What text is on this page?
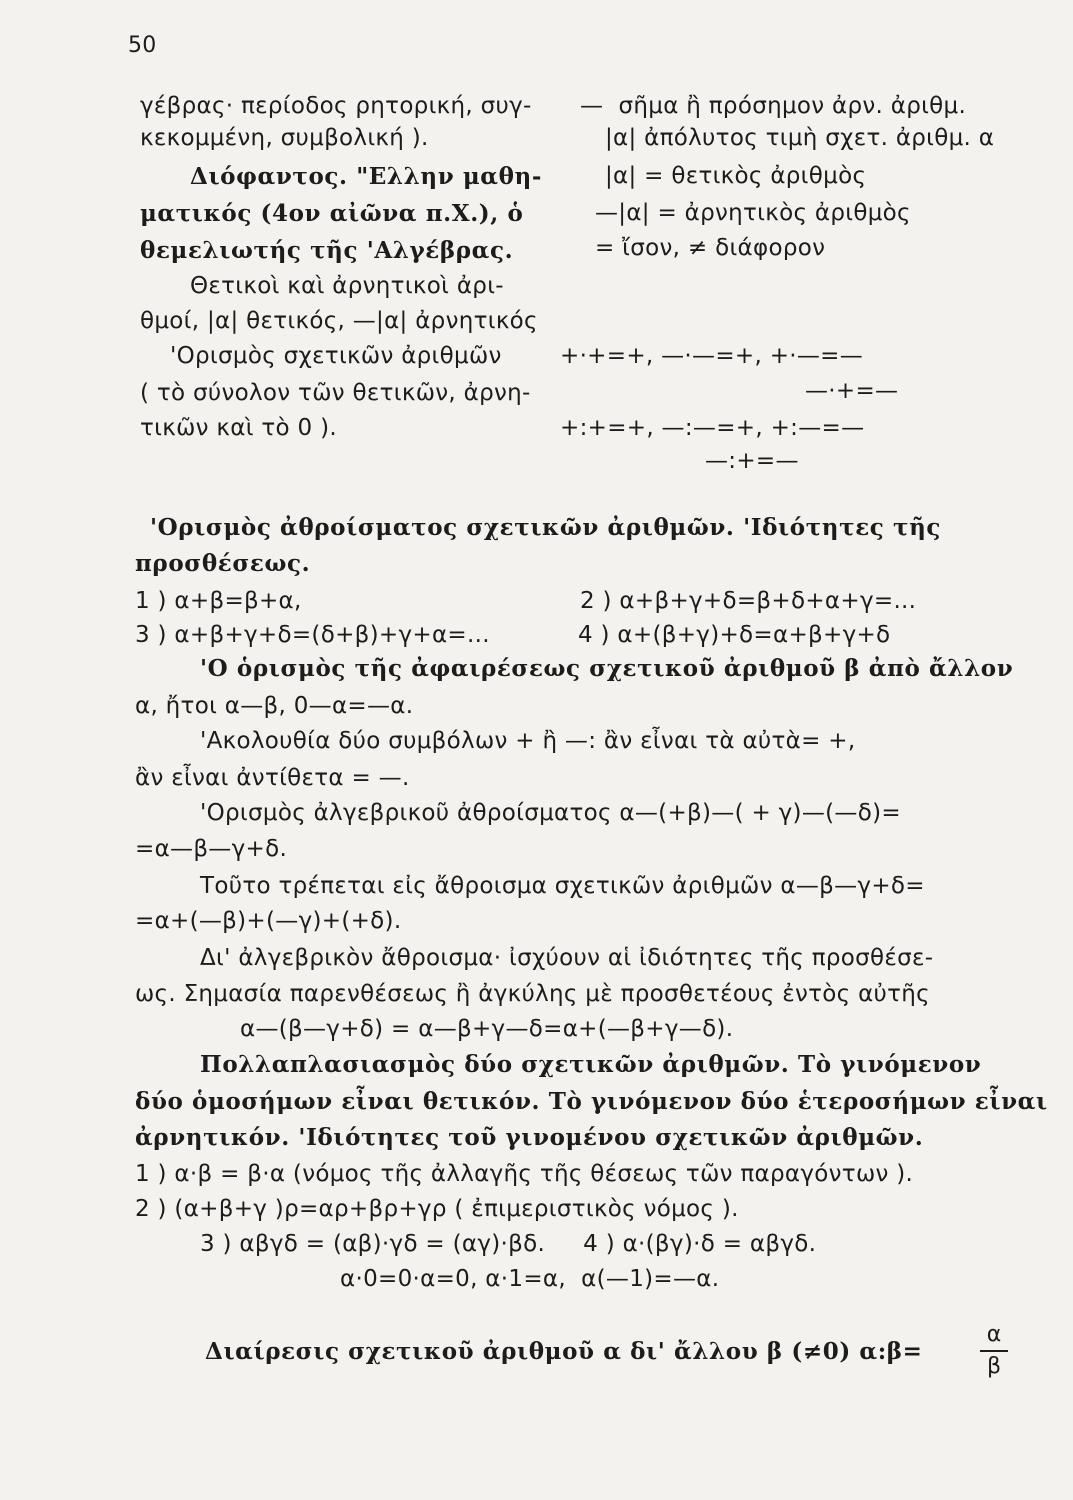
50
γέβρας· περίοδος ρητορική, συγ-
κεκομμένη, συμβολική ).
Διόφαντος. "Ελλην μαθη-
ματικός (4ον αἰῶνα π.Χ.), ὁ
θεμελιωτής τῆς 'Αλγέβρας.
Θετικοὶ καὶ ἀρνητικοὶ ἀρι-
θμοί, |α| θετικός, —|α| ἀρνητικός
'Ορισμὸς σχετικῶν ἀριθμῶν
( τὸ σύνολον τῶν θετικῶν, ἀρνη-
τικῶν καὶ τὸ 0 ).
—  σῆμα ἢ πρόσημον ἀρν. ἀριθμ.
|α| ἀπόλυτος τιμὴ σχετ. ἀριθμ. α
|α| = θετικὸς ἀριθμὸς
—|α| = ἀρνητικὸς ἀριθμὸς
= ἴσον, ≠ διάφορον
+·+=+, —·—=+, +·—=—
—·+=—
+:+=+, —:—=+, +:—=—
—:+=—
'Ορισμὸς ἀθροίσματος σχετικῶν ἀριθμῶν. 'Ιδιότητες τῆς
προσθέσεως.
1 ) α+β=β+α,	2 ) α+β+γ+δ=β+δ+α+γ=...
3 ) α+β+γ+δ=(δ+β)+γ+α=...	4 ) α+(β+γ)+δ=α+β+γ+δ
'Ο ὁρισμὸς τῆς ἀφαιρέσεως σχετικοῦ ἀριθμοῦ β ἀπὸ ἄλλον
α, ἤτοι α—β, 0—α=—α.
'Ακολουθία δύο συμβόλων + ἢ —: ἂν εἶναι τὰ αὐτὰ= +,
ἂν εἶναι ἀντίθετα = —.
'Ορισμὸς ἀλγεβρικοῦ ἀθροίσματος α—(+β)—( + γ)—(—δ)=
=α—β—γ+δ.
Τοῦτο τρέπεται εἰς ἄθροισμα σχετικῶν ἀριθμῶν α—β—γ+δ=
=α+(—β)+(—γ)+(+δ).
Δι' ἀλγεβρικὸν ἄθροισμα· ἰσχύουν αἱ ἰδιότητες τῆς προσθέσε-
ως. Σημασία παρενθέσεως ἢ ἀγκύλης μὲ προσθετέους ἐντὸς αὐτῆς
α—(β—γ+δ) = α—β+γ—δ=α+(—β+γ—δ).
Πολλαπλασιασμὸς δύο σχετικῶν ἀριθμῶν. Τὸ γινόμενον
δύο ὁμοσήμων εἶναι θετικόν. Τὸ γινόμενον δύο ἑτεροσήμων εἶναι
ἀρνητικόν. 'Ιδιότητες τοῦ γινομένου σχετικῶν ἀριθμῶν.
1 ) α·β = β·α (νόμος τῆς ἀλλαγῆς τῆς θέσεως τῶν παραγόντων ).
2 ) (α+β+γ )ρ=αρ+βρ+γρ ( ἐπιμεριστικὸς νόμος ).
3 ) αβγδ = (αβ)·γδ = (αγ)·βδ.     4 ) α·(βγ)·δ = αβγδ.
α·0=0·α=0, α·1=α,  α(—1)=—α.
Διαίρεσις σχετικοῦ ἀριθμοῦ α δι' ἄλλου β (≠0) α:β=
α
β
